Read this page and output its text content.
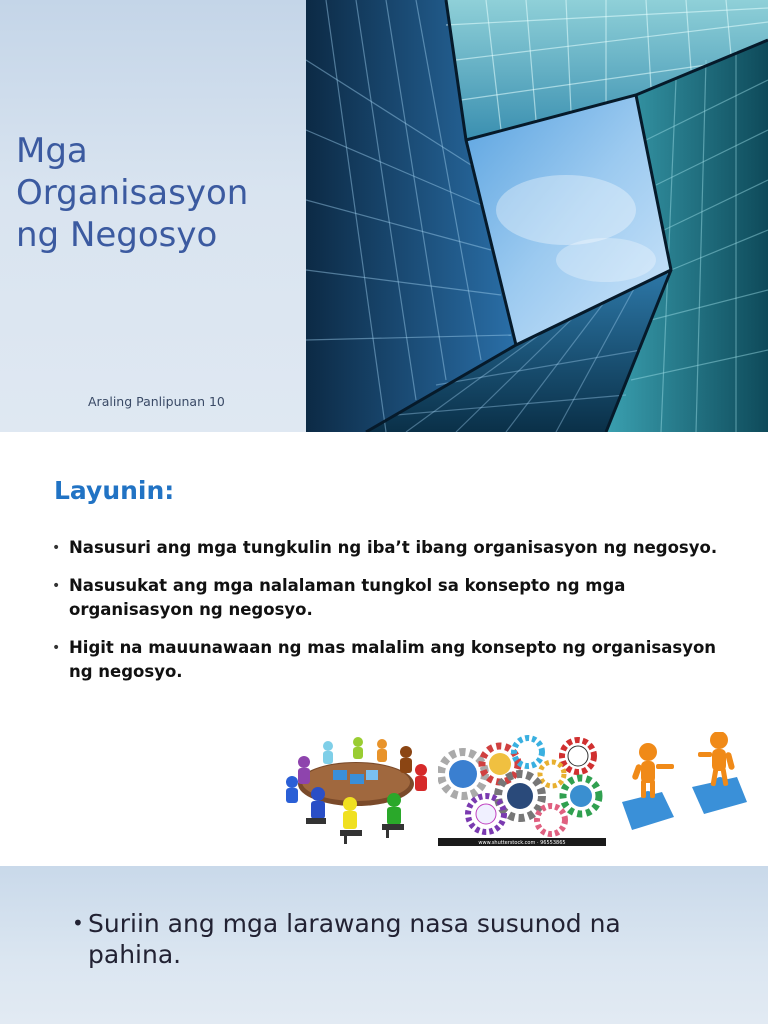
Mga
Organisasyon
ng Negosyo
Araling Panlipunan 10
Layunin:
• Nasusuri ang mga tungkulin ng iba’t ibang organisasyon ng negosyo.
• Nasusukat ang mga nalalaman tungkol sa konsepto ng mga organisasyon ng negosyo.
• Higit na mauunawaan ng mas malalim ang konsepto ng organisasyon ng negosyo.
www.shutterstock.com · 96553865
• Suriin ang mga larawang nasa susunod na pahina.
